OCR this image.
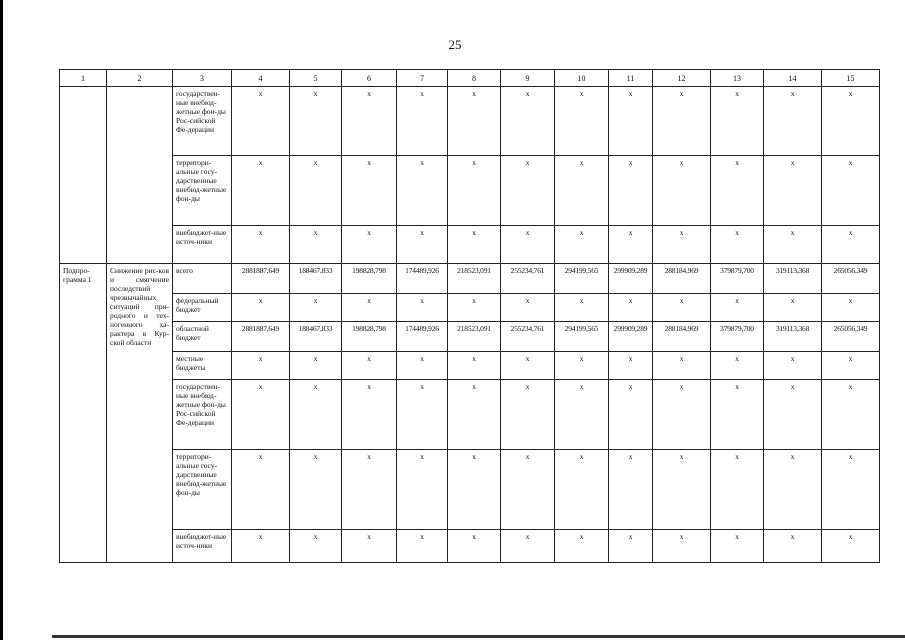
25
1	2	3	4	5	6	7	8	9	10	11	12	13	14	15
		государствен-ные внебюд-жетные фон-ды Рос-сийской Фе-дерации	x	x	x	x	x	x	x	x	x	x	x	x
		территори-альные госу-дарственные внебюд-жетные фон-ды	x	x	x	x	x	x	x	x	x	x	x	x
		внебюджет-ные источ-ники	x	x	x	x	x	x	x	x	x	x	x	x
Подпро-грамма 1	Снижение рис-ков и смягчение последствий чрезвычайных ситуаций при-родного и тех-ногенного ха-рактера в Кур-ской области	всего	2881887,649	188467,833	198828,798	174489,926	218523,091	255234,761	294199,565	299909,289	288184,969	379879,700	319113,368	265056,349
		федеральный бюджет	x	x	x	x	x	x	x	x	x	x	x	x
		областной бюджет	2881887,649	188467,833	198828,798	174489,926	218523,091	255234,761	294199,565	299909,289	288184,969	379879,700	319113,368	265056,349
		местные бюджеты	x	x	x	x	x	x	x	x	x	x	x	x
		государствен-ные внебюд-жетные фон-ды Рос-сийской Фе-дерации	x	x	x	x	x	x	x	x	x	x	x	x
		территори-альные госу-дарственные внебюд-жетные фон-ды	x	x	x	x	x	x	x	x	x	x	x	x
		внебюджет-ные источ-ники	x	x	x	x	x	x	x	x	x	x	x	x
